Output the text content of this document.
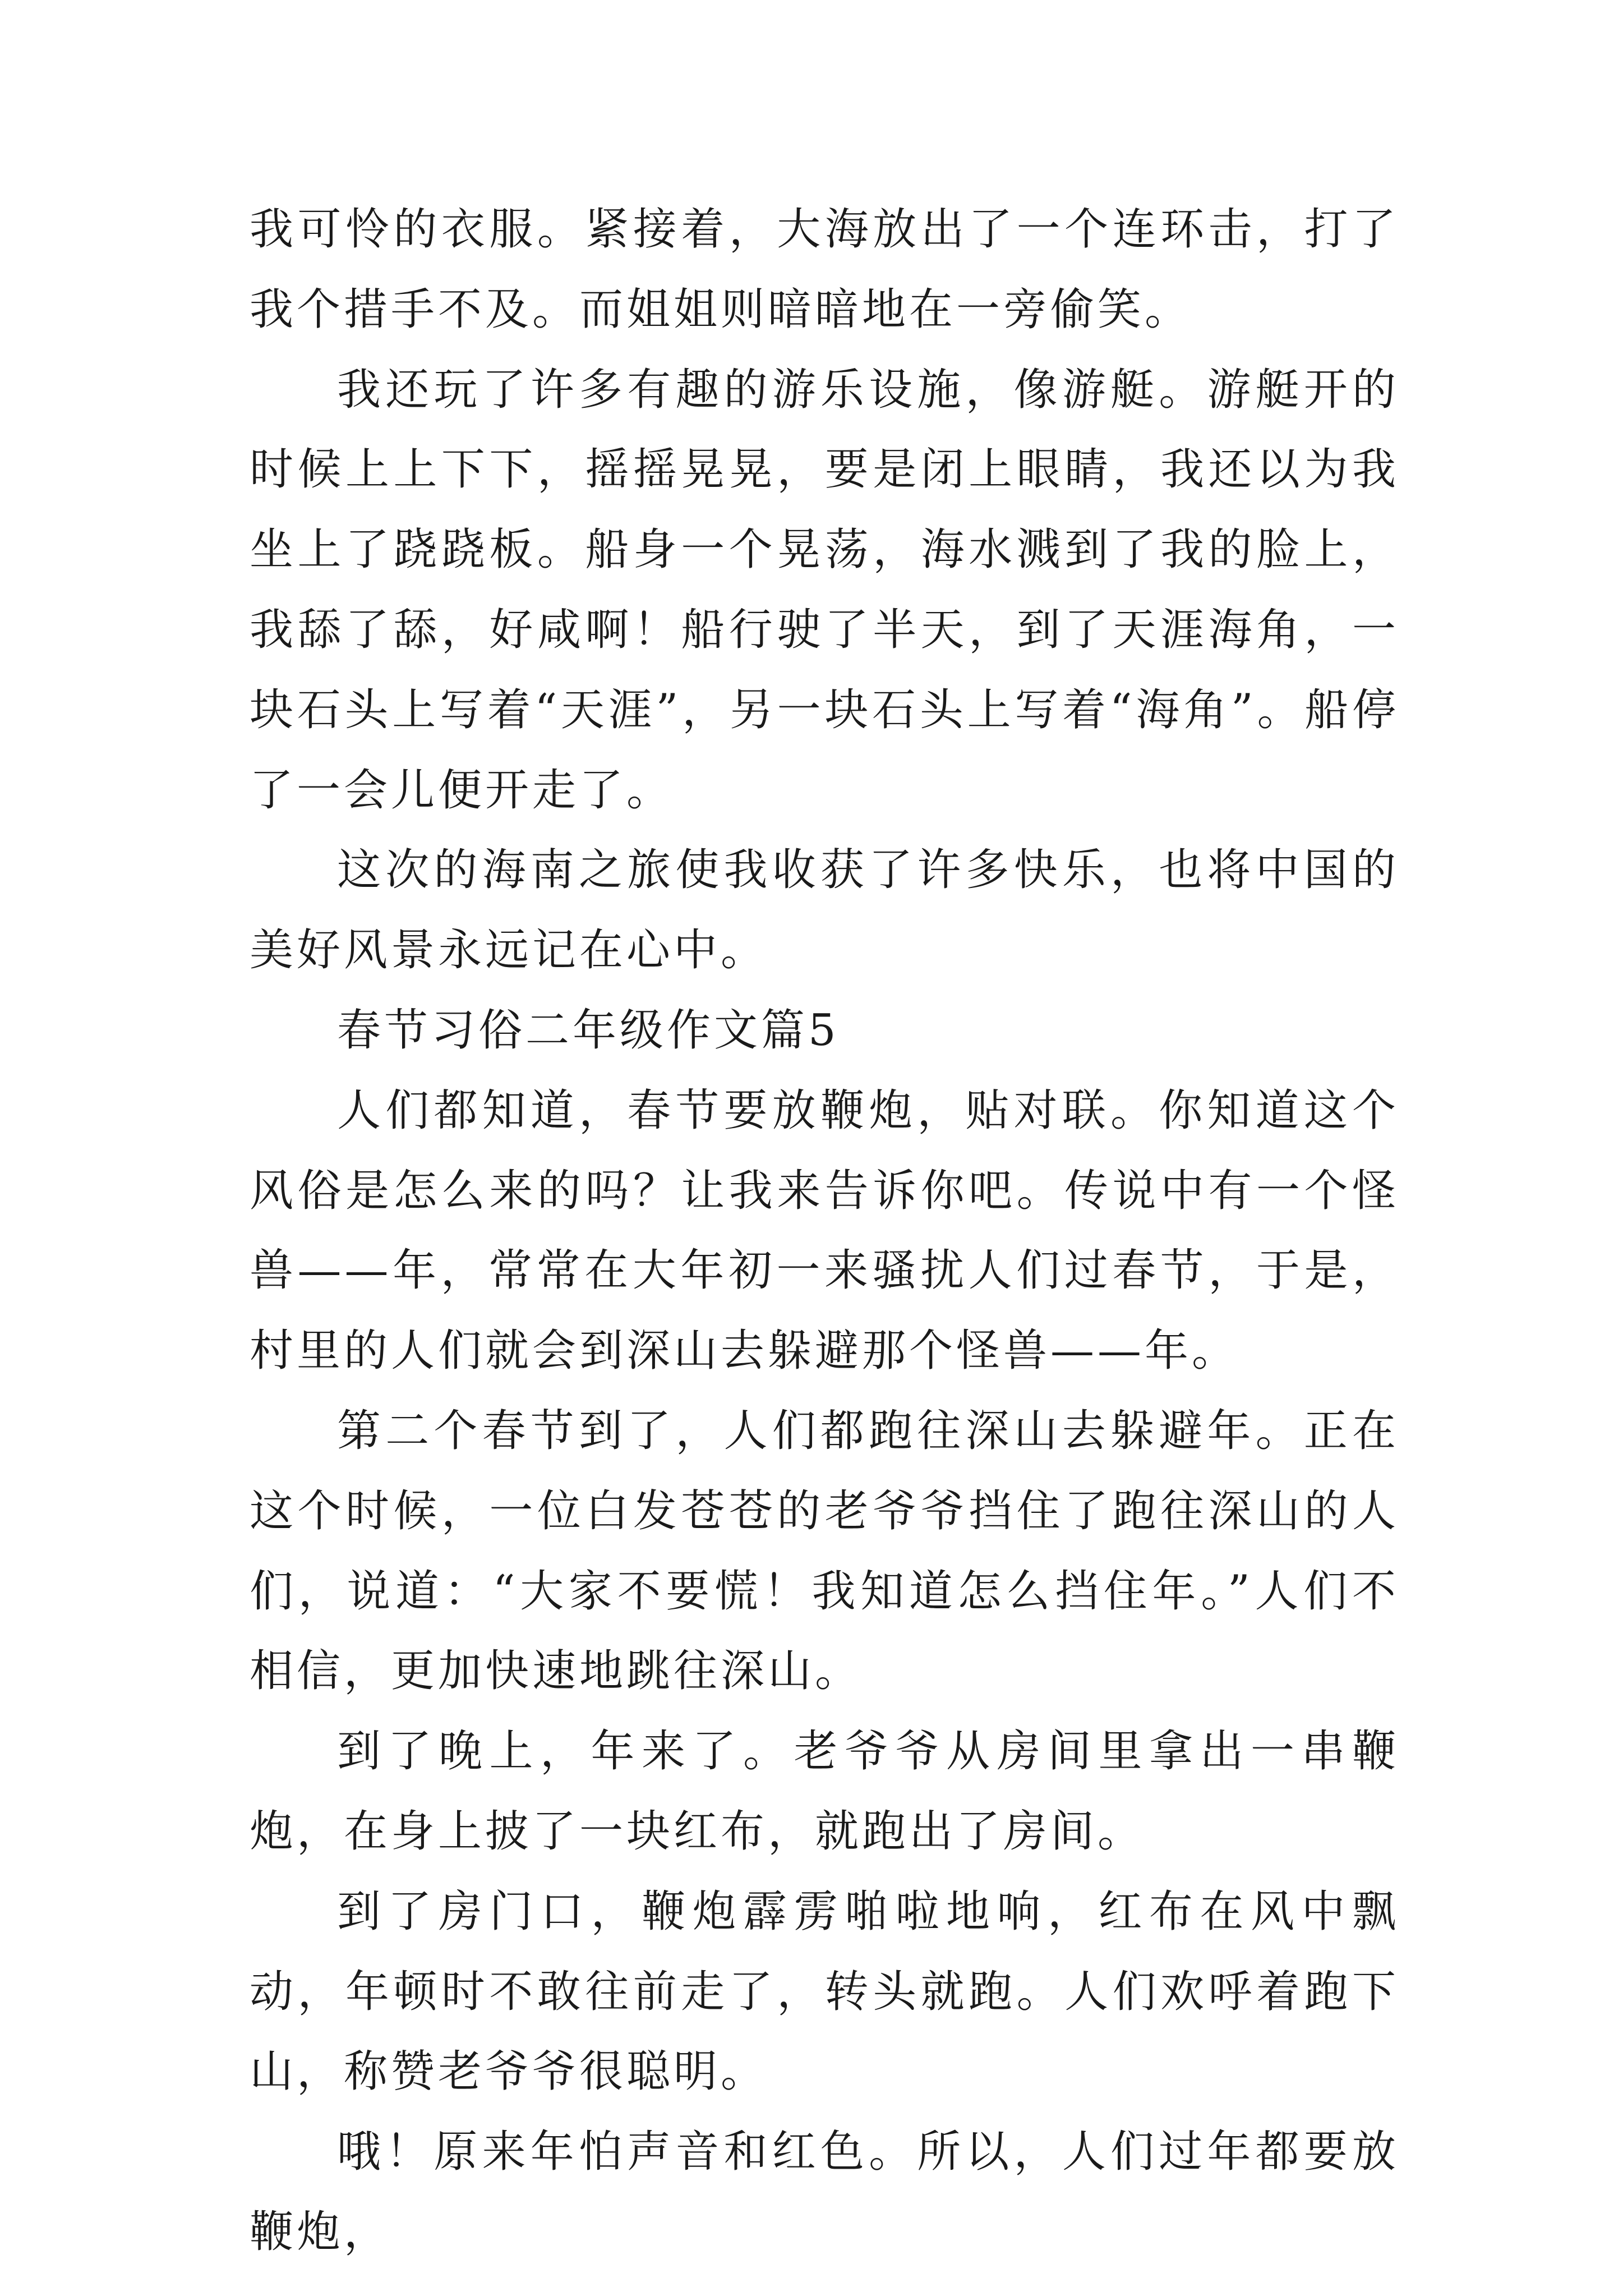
我可怜的衣服。紧接着，大海放出了一个连环击，打了我个措手不及。而姐姐则暗暗地在一旁偷笑。

我还玩了许多有趣的游乐设施，像游艇。游艇开的时候上上下下，摇摇晃晃，要是闭上眼睛，我还以为我坐上了跷跷板。船身一个晃荡，海水溅到了我的脸上，我舔了舔，好咸啊！船行驶了半天，到了天涯海角，一块石头上写着“天涯”，另一块石头上写着“海角”。船停了一会儿便开走了。

这次的海南之旅使我收获了许多快乐，也将中国的美好风景永远记在心中。

春节习俗二年级作文篇5

人们都知道，春节要放鞭炮，贴对联。你知道这个风俗是怎么来的吗？让我来告诉你吧。传说中有一个怪兽——年，常常在大年初一来骚扰人们过春节，于是，村里的人们就会到深山去躲避那个怪兽——年。

第二个春节到了，人们都跑往深山去躲避年。正在这个时候，一位白发苍苍的老爷爷挡住了跑往深山的人们，说道：“大家不要慌！我知道怎么挡住年。”人们不相信，更加快速地跳往深山。

到了晚上，年来了。老爷爷从房间里拿出一串鞭炮，在身上披了一块红布，就跑出了房间。

到了房门口，鞭炮霹雳啪啦地响，红布在风中飘动，年顿时不敢往前走了，转头就跑。人们欢呼着跑下山，称赞老爷爷很聪明。

哦！原来年怕声音和红色。所以，人们过年都要放鞭炮，
